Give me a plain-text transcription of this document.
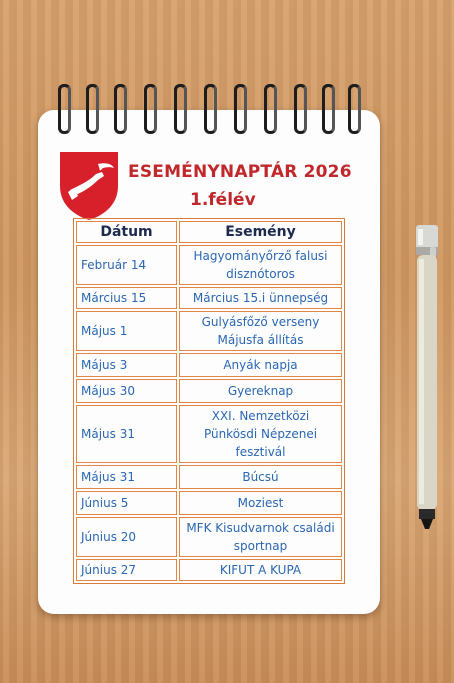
ESEMÉNYNAPTÁR 2026
1.félév
Dátum	Esemény
Február 14	Hagyományőrző falusi disznótoros
Március 15	Március 15.i ünnepség
Május 1	Gulyásfőző verseny Májusfa állítás
Május 3	Anyák napja
Május 30	Gyereknap
Május 31	XXI. Nemzetközi Pünkösdi Népzenei fesztivál
Május 31	Búcsú
Június 5	Moziest
Június 20	MFK Kisudvarnok családi sportnap
Június 27	KIFUT A KUPA
